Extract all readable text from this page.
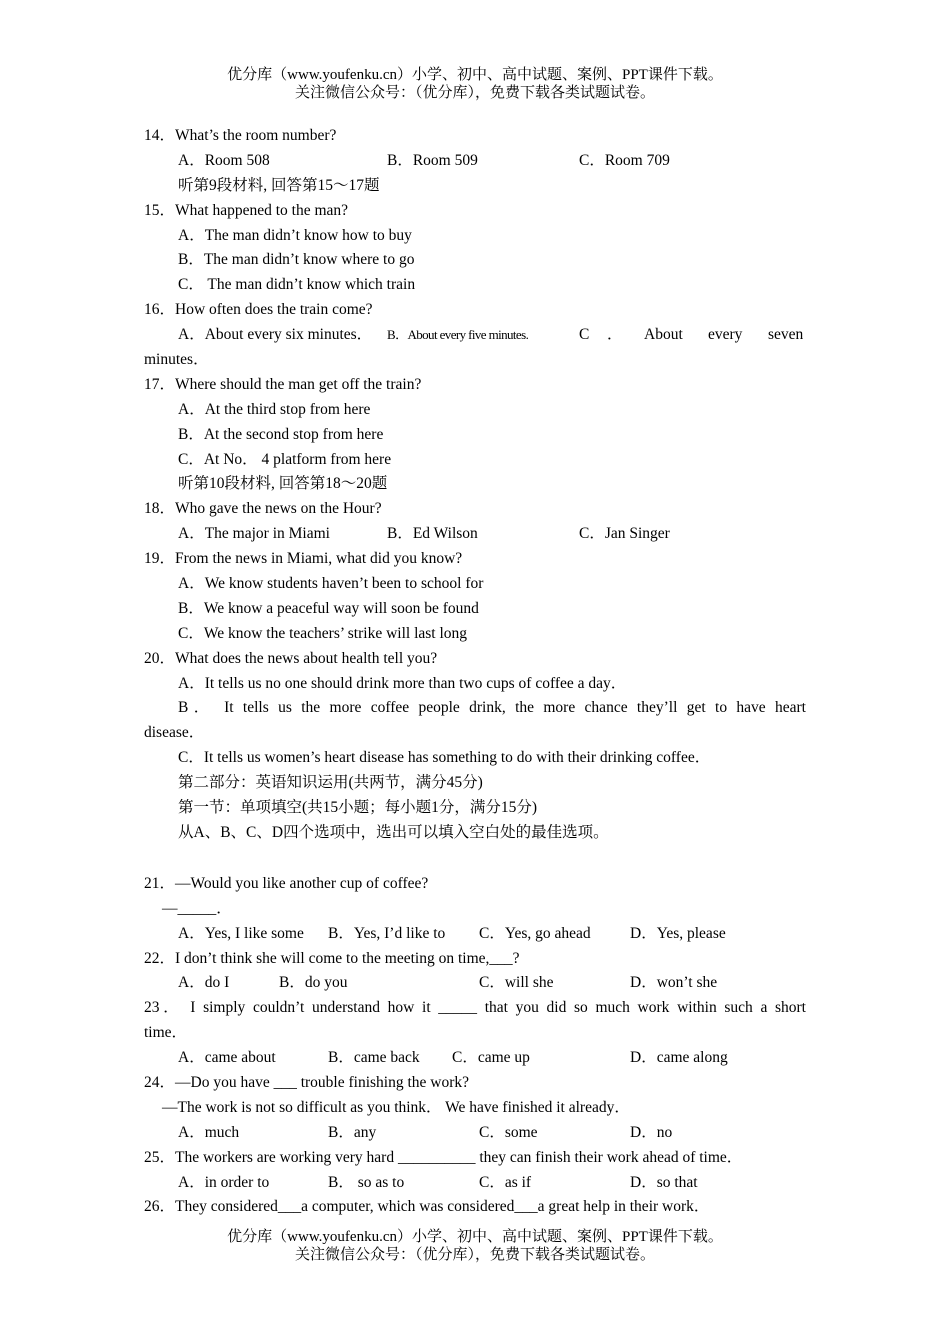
优分库（www.youfenku.cn）小学、初中、高中试题、案例、PPT课件下载。
关注微信公众号：（优分库），免费下载各类试题试卷。
14．What’s the room number?
A．Room 508	B．Room 509	C．Room 709
听第9段材料, 回答第15～17题
15．What happened to the man?
A．The man didn’t know how to buy
B．The man didn’t know where to go
C． The man didn’t know which train
16．How often does the train come?
A．About every six minutes． B．About every five minutes.	C ． About every seven
minutes．
17．Where should the man get off the train?
A．At the third stop from here
B．At the second stop from here
C．At No． 4 platform from here
听第10段材料, 回答第18～20题
18．Who gave the news on the Hour?
A．The major in Miami	B．Ed Wilson	C．Jan Singer
19．From the news in Miami, what did you know?
A．We know students haven’t been to school for
B．We know a peaceful way will soon be found
C．We know the teachers’ strike will last long
20．What does the news about health tell you?
A．It tells us no one should drink more than two cups of coffee a day．
B． It tells us the more coffee people drink, the more chance they’ll get to have heart
disease．
C．It tells us women’s heart disease has something to do with their drinking coffee．
第二部分：英语知识运用(共两节，满分45分)
第一节：单项填空(共15小题；每小题1分，满分15分)
从A、B、C、D四个选项中，选出可以填入空白处的最佳选项。
21．—Would you like another cup of coffee?
—_____．
A．Yes, I like some B．Yes, I’d like to C．Yes, go ahead	D．Yes, please
22．I don’t think she will come to the meeting on time,___?
A．do I	B．do you	C．will she	D．won’t she
23． I simply couldn’t understand how it _____ that you did so much work within such a short
time．
A．came about	B．came back C．came up	D．came along
24．—Do you have ___ trouble finishing the work?
—The work is not so difficult as you think． We have finished it already．
A．much	B．any	C．some	D．no
25．The workers are working very hard __________ they can finish their work ahead of time．
A．in order to	B． so as to	C．as if	D．so that
26．They considered___a computer, which was considered___a great help in their work．
优分库（www.youfenku.cn）小学、初中、高中试题、案例、PPT课件下载。
关注微信公众号：（优分库），免费下载各类试题试卷。
